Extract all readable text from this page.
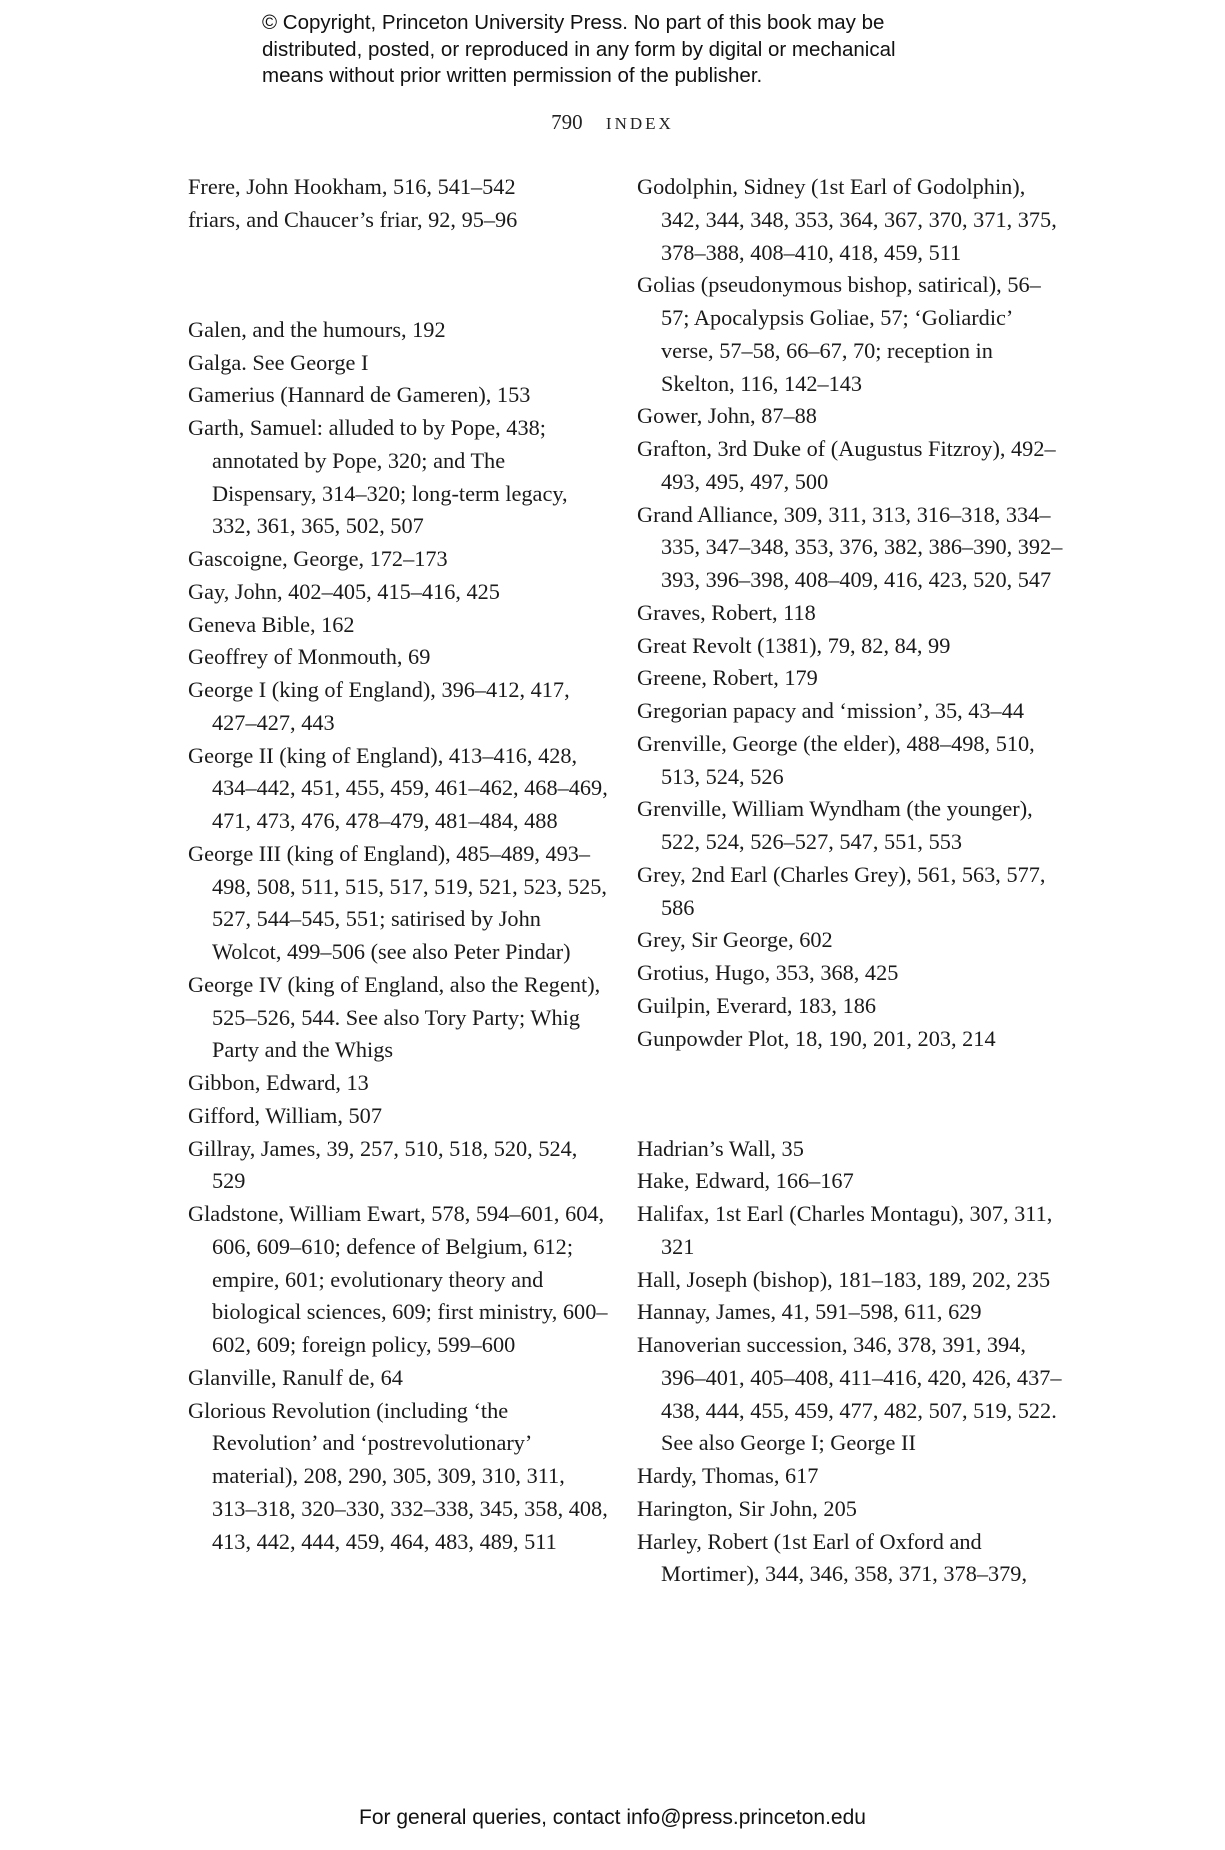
© Copyright, Princeton University Press. No part of this book may be
distributed, posted, or reproduced in any form by digital or mechanical
means without prior written permission of the publisher.
790 INDEX

Frere, John Hookham, 516, 541–542

friars, and Chaucer’s friar, 92, 95–96

Galen, and the humours, 192

Galga. See George I

Gamerius (Hannard de Gameren), 153

Garth, Samuel: alluded to by Pope, 438; annotated by Pope, 320; and The Dispensary, 314–320; long-term legacy, 332, 361, 365, 502, 507

Gascoigne, George, 172–173

Gay, John, 402–405, 415–416, 425

Geneva Bible, 162

Geoffrey of Monmouth, 69

George I (king of England), 396–412, 417, 427–427, 443

George II (king of England), 413–416, 428, 434–442, 451, 455, 459, 461–462, 468–469, 471, 473, 476, 478–479, 481–484, 488

George III (king of England), 485–489, 493–498, 508, 511, 515, 517, 519, 521, 523, 525, 527, 544–545, 551; satirised by John Wolcot, 499–506 (see also Peter Pindar)

George IV (king of England, also the Regent), 525–526, 544. See also Tory Party; Whig Party and the Whigs

Gibbon, Edward, 13

Gifford, William, 507

Gillray, James, 39, 257, 510, 518, 520, 524, 529

Gladstone, William Ewart, 578, 594–601, 604, 606, 609–610; defence of Belgium, 612; empire, 601; evolutionary theory and biological sciences, 609; first ministry, 600–602, 609; foreign policy, 599–600

Glanville, Ranulf de, 64

Glorious Revolution (including ‘the Revolution’ and ‘postrevolutionary’ material), 208, 290, 305, 309, 310, 311, 313–318, 320–330, 332–338, 345, 358, 408, 413, 442, 444, 459, 464, 483, 489, 511

Godolphin, Sidney (1st Earl of Godolphin), 342, 344, 348, 353, 364, 367, 370, 371, 375, 378–388, 408–410, 418, 459, 511

Golias (pseudonymous bishop, satirical), 56–57; Apocalypsis Goliae, 57; ‘Goliardic’ verse, 57–58, 66–67, 70; reception in Skelton, 116, 142–143

Gower, John, 87–88

Grafton, 3rd Duke of (Augustus Fitzroy), 492–493, 495, 497, 500

Grand Alliance, 309, 311, 313, 316–318, 334–335, 347–348, 353, 376, 382, 386–390, 392–393, 396–398, 408–409, 416, 423, 520, 547

Graves, Robert, 118

Great Revolt (1381), 79, 82, 84, 99

Greene, Robert, 179

Gregorian papacy and ‘mission’, 35, 43–44

Grenville, George (the elder), 488–498, 510, 513, 524, 526

Grenville, William Wyndham (the younger), 522, 524, 526–527, 547, 551, 553

Grey, 2nd Earl (Charles Grey), 561, 563, 577, 586

Grey, Sir George, 602

Grotius, Hugo, 353, 368, 425

Guilpin, Everard, 183, 186

Gunpowder Plot, 18, 190, 201, 203, 214

Hadrian’s Wall, 35

Hake, Edward, 166–167

Halifax, 1st Earl (Charles Montagu), 307, 311, 321

Hall, Joseph (bishop), 181–183, 189, 202, 235

Hannay, James, 41, 591–598, 611, 629

Hanoverian succession, 346, 378, 391, 394, 396–401, 405–408, 411–416, 420, 426, 437–438, 444, 455, 459, 477, 482, 507, 519, 522. See also George I; George II

Hardy, Thomas, 617

Harington, Sir John, 205

Harley, Robert (1st Earl of Oxford and Mortimer), 344, 346, 358, 371, 378–379,

For general queries, contact info@press.princeton.edu
